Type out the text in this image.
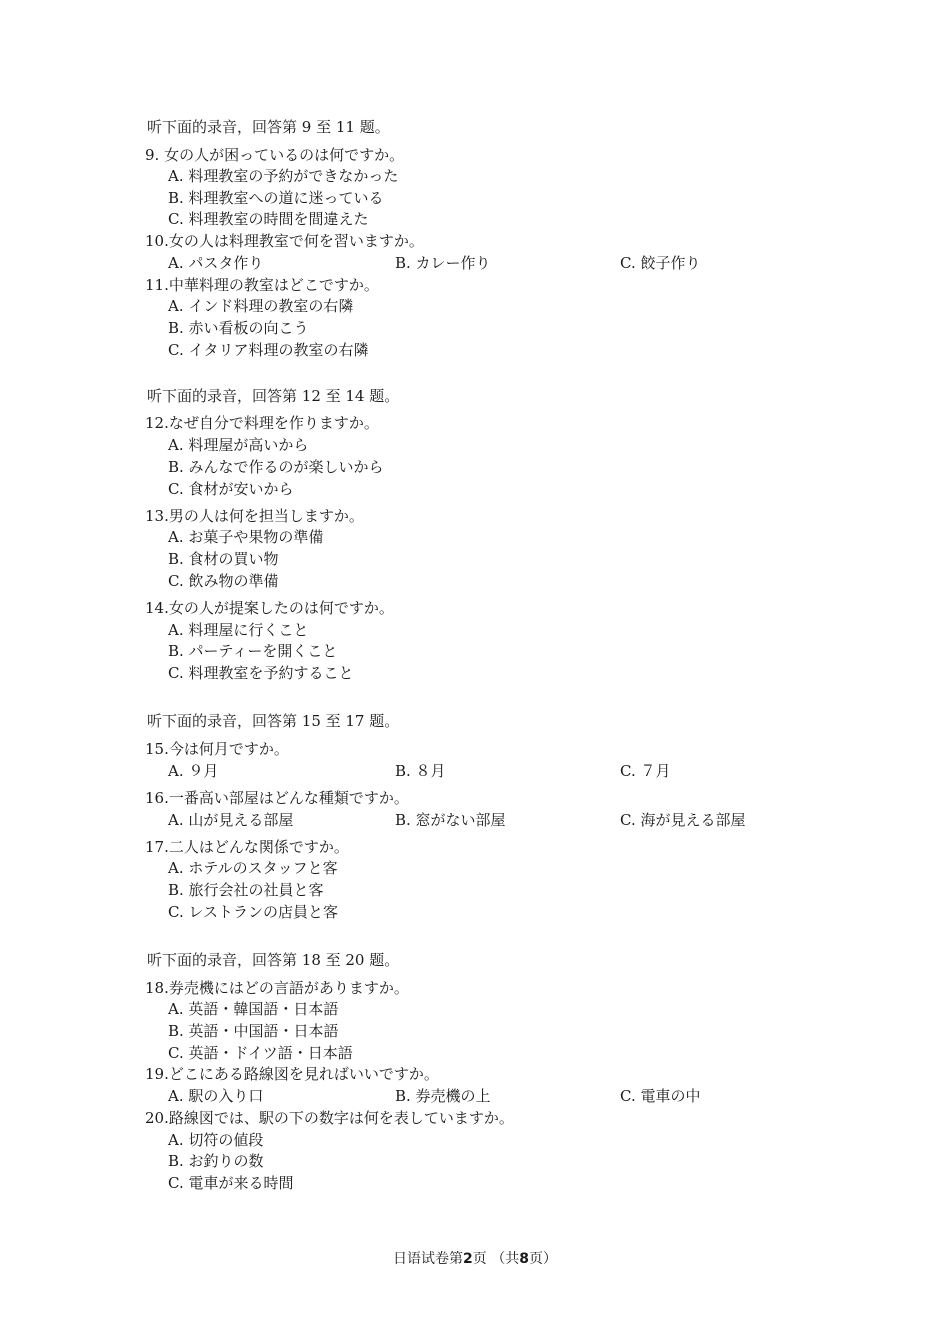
听下面的录音，回答第 9 至 11 题。
9. 女の人が困っているのは何ですか。
A. 料理教室の予約ができなかった
B. 料理教室への道に迷っている
C. 料理教室の時間を間違えた
10.女の人は料理教室で何を習いますか。
A. パスタ作り	B. カレー作り	C. 餃子作り
11.中華料理の教室はどこですか。
A. インド料理の教室の右隣
B. 赤い看板の向こう
C. イタリア料理の教室の右隣
听下面的录音，回答第 12 至 14 题。
12.なぜ自分で料理を作りますか。
A. 料理屋が高いから
B. みんなで作るのが楽しいから
C. 食材が安いから
13.男の人は何を担当しますか。
A. お菓子や果物の準備
B. 食材の買い物
C. 飲み物の準備
14.女の人が提案したのは何ですか。
A. 料理屋に行くこと
B. パーティーを開くこと
C. 料理教室を予約すること
听下面的录音，回答第 15 至 17 题。
15.今は何月ですか。
A. ９月	B. ８月	C. ７月
16.一番高い部屋はどんな種類ですか。
A. 山が見える部屋	B. 窓がない部屋	C. 海が見える部屋
17.二人はどんな関係ですか。
A. ホテルのスタッフと客
B. 旅行会社の社員と客
C. レストランの店員と客
听下面的录音，回答第 18 至 20 题。
18.券売機にはどの言語がありますか。
A. 英語・韓国語・日本語
B. 英語・中国語・日本語
C. 英語・ドイツ語・日本語
19.どこにある路線図を見ればいいですか。
A. 駅の入り口	B. 券売機の上	C. 電車の中
20.路線図では、駅の下の数字は何を表していますか。
A. 切符の値段
B. お釣りの数
C. 電車が来る時間
日语试卷第2页 （共8页）
